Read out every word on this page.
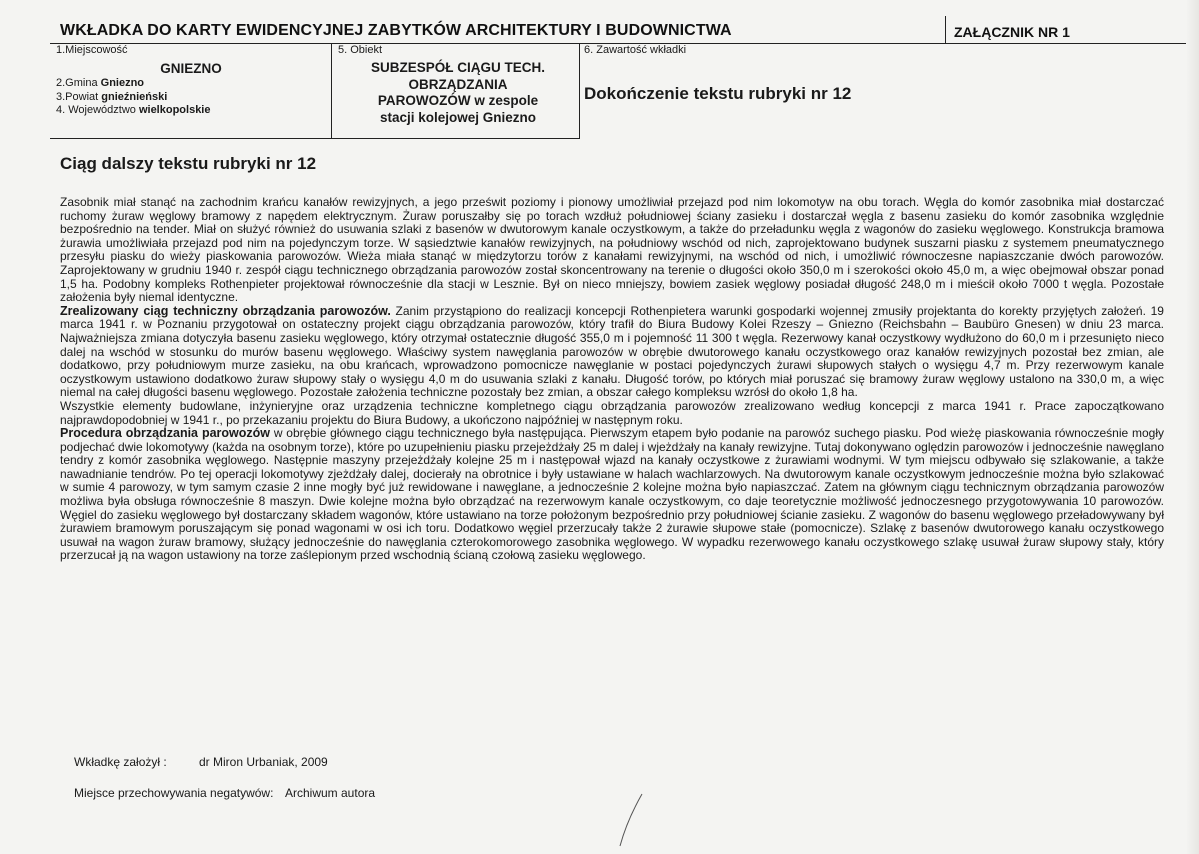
WKŁADKA DO KARTY EWIDENCYJNEJ ZABYTKÓW ARCHITEKTURY I BUDOWNICTWA	ZAŁĄCZNIK NR 1
1.Miejscowość
GNIEZNO
2.Gmina Gniezno
3.Powiat gnieźnieński
4. Województwo wielkopolskie
5. Obiekt
SUBZESPÓŁ CIĄGU TECH.
OBRZĄDZANIA
PAROWOZÓW w zespole
stacji kolejowej Gniezno
6. Zawartość wkładki
Dokończenie tekstu rubryki nr 12
Ciąg dalszy tekstu rubryki nr 12

Zasobnik miał stanąć na zachodnim krańcu kanałów rewizyjnych, a jego prześwit poziomy i pionowy umożliwiał przejazd pod nim lokomotyw na obu torach. Węgla do komór zasobnika miał dostarczać ruchomy żuraw węglowy bramowy z napędem elektrycznym. Żuraw poruszałby się po torach wzdłuż południowej ściany zasieku i dostarczał węgla z basenu zasieku do komór zasobnika względnie bezpośrednio na tender. Miał on służyć również do usuwania szlaki z basenów w dwutorowym kanale oczystkowym, a także do przeładunku węgla z wagonów do zasieku węglowego. Konstrukcja bramowa żurawia umożliwiała przejazd pod nim na pojedynczym torze. W sąsiedztwie kanałów rewizyjnych, na południowy wschód od nich, zaprojektowano budynek suszarni piasku z systemem pneumatycznego przesyłu piasku do wieży piaskowania parowozów. Wieża miała stanąć w międzytorzu torów z kanałami rewizyjnymi, na wschód od nich, i umożliwić równoczesne napiaszczanie dwóch parowozów. Zaprojektowany w grudniu 1940 r. zespół ciągu technicznego obrządzania parowozów został skoncentrowany na terenie o długości około 350,0 m i szerokości około 45,0 m, a więc obejmował obszar ponad 1,5 ha. Podobny kompleks Rothenpieter projektował równocześnie dla stacji w Lesznie. Był on nieco mniejszy, bowiem zasiek węglowy posiadał długość 248,0 m i mieścił około 7000 t węgla. Pozostałe założenia były niemal identyczne.

Zrealizowany ciąg techniczny obrządzania parowozów. Zanim przystąpiono do realizacji koncepcji Rothenpietera warunki gospodarki wojennej zmusiły projektanta do korekty przyjętych założeń. 19 marca 1941 r. w Poznaniu przygotował on ostateczny projekt ciągu obrządzania parowozów, który trafił do Biura Budowy Kolei Rzeszy – Gniezno (Reichsbahn – Baubüro Gnesen) w dniu 23 marca. Najważniejsza zmiana dotyczyła basenu zasieku węglowego, który otrzymał ostatecznie długość 355,0 m i pojemność 11 300 t węgla. Rezerwowy kanał oczystkowy wydłużono do 60,0 m i przesunięto nieco dalej na wschód w stosunku do murów basenu węglowego. Właściwy system nawęglania parowozów w obrębie dwutorowego kanału oczystkowego oraz kanałów rewizyjnych pozostał bez zmian, ale dodatkowo, przy południowym murze zasieku, na obu krańcach, wprowadzono pomocnicze nawęglanie w postaci pojedynczych żurawi słupowych stałych o wysięgu 4,7 m. Przy rezerwowym kanale oczystkowym ustawiono dodatkowo żuraw słupowy stały o wysięgu 4,0 m do usuwania szlaki z kanału. Długość torów, po których miał poruszać się bramowy żuraw węglowy ustalono na 330,0 m, a więc niemal na całej długości basenu węglowego. Pozostałe założenia techniczne pozostały bez zmian, a obszar całego kompleksu wzrósł do około 1,8 ha.

Wszystkie elementy budowlane, inżynieryjne oraz urządzenia techniczne kompletnego ciągu obrządzania parowozów zrealizowano według koncepcji z marca 1941 r. Prace zapoczątkowano najprawdopodobniej w 1941 r., po przekazaniu projektu do Biura Budowy, a ukończono najpóźniej w następnym roku.

Procedura obrządzania parowozów w obrębie głównego ciągu technicznego była następująca. Pierwszym etapem było podanie na parowóz suchego piasku. Pod wieżę piaskowania równocześnie mogły podjechać dwie lokomotywy (każda na osobnym torze), które po uzupełnieniu piasku przejeżdżały 25 m dalej i wjeżdżały na kanały rewizyjne. Tutaj dokonywano oględzin parowozów i jednocześnie nawęglano tendry z komór zasobnika węglowego. Następnie maszyny przejeżdżały kolejne 25 m i następował wjazd na kanały oczystkowe z żurawiami wodnymi. W tym miejscu odbywało się szlakowanie, a także nawadnianie tendrów. Po tej operacji lokomotywy zjeżdżały dalej, docierały na obrotnice i były ustawiane w halach wachlarzowych. Na dwutorowym kanale oczystkowym jednocześnie można było szlakować w sumie 4 parowozy, w tym samym czasie 2 inne mogły być już rewidowane i nawęglane, a jednocześnie 2 kolejne można było napiaszczać. Zatem na głównym ciągu technicznym obrządzania parowozów możliwa była obsługa równocześnie 8 maszyn. Dwie kolejne można było obrządzać na rezerwowym kanale oczystkowym, co daje teoretycznie możliwość jednoczesnego przygotowywania 10 parowozów. Węgiel do zasieku węglowego był dostarczany składem wagonów, które ustawiano na torze położonym bezpośrednio przy południowej ścianie zasieku. Z wagonów do basenu węglowego przeładowywany był żurawiem bramowym poruszającym się ponad wagonami w osi ich toru. Dodatkowo węgiel przerzucały także 2 żurawie słupowe stałe (pomocnicze). Szlakę z basenów dwutorowego kanału oczystkowego usuwał na wagon żuraw bramowy, służący jednocześnie do nawęglania czterokomorowego zasobnika węglowego. W wypadku rezerwowego kanału oczystkowego szlakę usuwał żuraw słupowy stały, który przerzucał ją na wagon ustawiony na torze zaślepionym przed wschodnią ścianą czołową zasieku węglowego.

Wkładkę założył :	dr Miron Urbaniak, 2009
Miejsce przechowywania negatywów: Archiwum autora
